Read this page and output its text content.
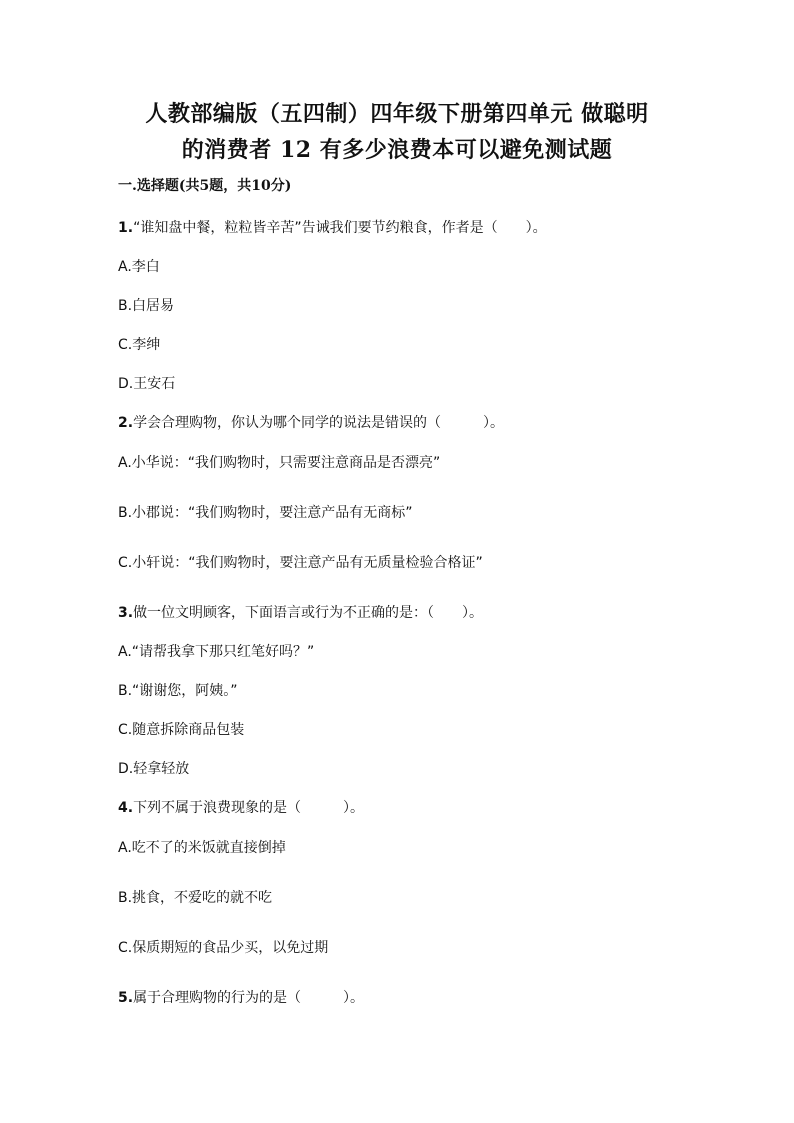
人教部编版（五四制）四年级下册第四单元 做聪明
的消费者 12 有多少浪费本可以避免测试题
一.选择题(共5题，共10分)
1.“谁知盘中餐，粒粒皆辛苦”告诫我们要节约粮食，作者是（　　）。
A.李白
B.白居易
C.李绅
D.王安石
2.学会合理购物，你认为哪个同学的说法是错误的（　　　）。
A.小华说：“我们购物时，只需要注意商品是否漂亮”
B.小郡说：“我们购物时，要注意产品有无商标”
C.小轩说：“我们购物时，要注意产品有无质量检验合格证”
3.做一位文明顾客，下面语言或行为不正确的是：（　　）。
A.“请帮我拿下那只红笔好吗？”
B.“谢谢您，阿姨。”
C.随意拆除商品包装
D.轻拿轻放
4.下列不属于浪费现象的是（　　　）。
A.吃不了的米饭就直接倒掉
B.挑食，不爱吃的就不吃
C.保质期短的食品少买，以免过期
5.属于合理购物的行为的是（　　　）。
